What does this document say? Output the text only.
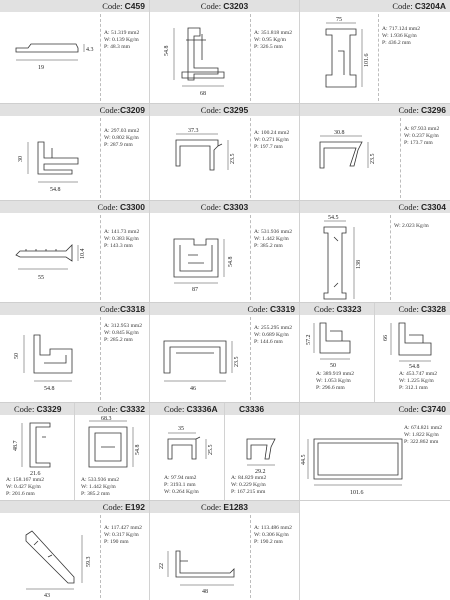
Code: C459
19
4.3
A: 51.319 mm2
W: 0.139 Kg/m
P: 48.3 mm
Code: C3203
54.8
68
A: 351.818 mm2
W: 0.95 Kg/m
P: 326.5 mm
Code: C3204A
75
101.6
A: 717.124 mm2
W: 1.936 Kg/m
P: 436.2 mm
Code:C3209
30
54.8
A: 297.03 mm2
W: 0.802 Kg/m
P: 287.9 mm
Code: C3295
37.3
23.5
A: 100.24 mm2
W: 0.271 Kg/m
P: 197.7 mm
Code: C3296
30.8
23.5
A: 87.933 mm2
W: 0.237 Kg/m
P: 173.7 mm
Code: C3300
55
10.4
A: 141.73 mm2
W: 0.383 Kg/m
P: 143.3 mm
Code: C3303
54.8
87
A: 531.936 mm2
W: 1.442 Kg/m
P: 385.2 mm
Code: C3304
54.5
138
W: 2.023 Kg/m
Code:C3318
50
54.8
A: 312.953 mm2
W: 0.845 Kg/m
P: 285.2 mm
Code: C3319
23.5
46
A: 255.295 mm2
W: 0.689 Kg/m
P: 144.6 mm
Code: C3323
57.2
50
A: 389.919 mm2
W: 1.053 Kg/m
P: 296.6 mm
Code: C3328
66
54.8
A: 453.747 mm2
W: 1.225 Kg/m
P: 312.1 mm
Code: C3329
48.7
21.6
A: 158.167 mm2
W: 0.427 Kg/m
P: 201.6 mm
Code: C3332
68.3
54.8
A: 533.936 mm2
W: 1.442 Kg/m
P: 385.2 mm
Code: C3336A
35
25.5
A: 97.94 mm2
P: 3193.1 mm
W: 0.264 Kg/m
C3336
29.2
A: 84.829 mm2
W: 0.229 Kg/m
P: 167.215 mm
Code: C3740
44.5
101.6
A: 674.821 mm2
W: 1.822 Kg/m
P: 322.862 mm
Code: E192
43
59.3
A: 117.427 mm2
W: 0.317 Kg/m
P: 190 mm
Code: E1283
22
48
A: 113.486 mm2
W: 0.306 Kg/m
P: 190.2 mm
